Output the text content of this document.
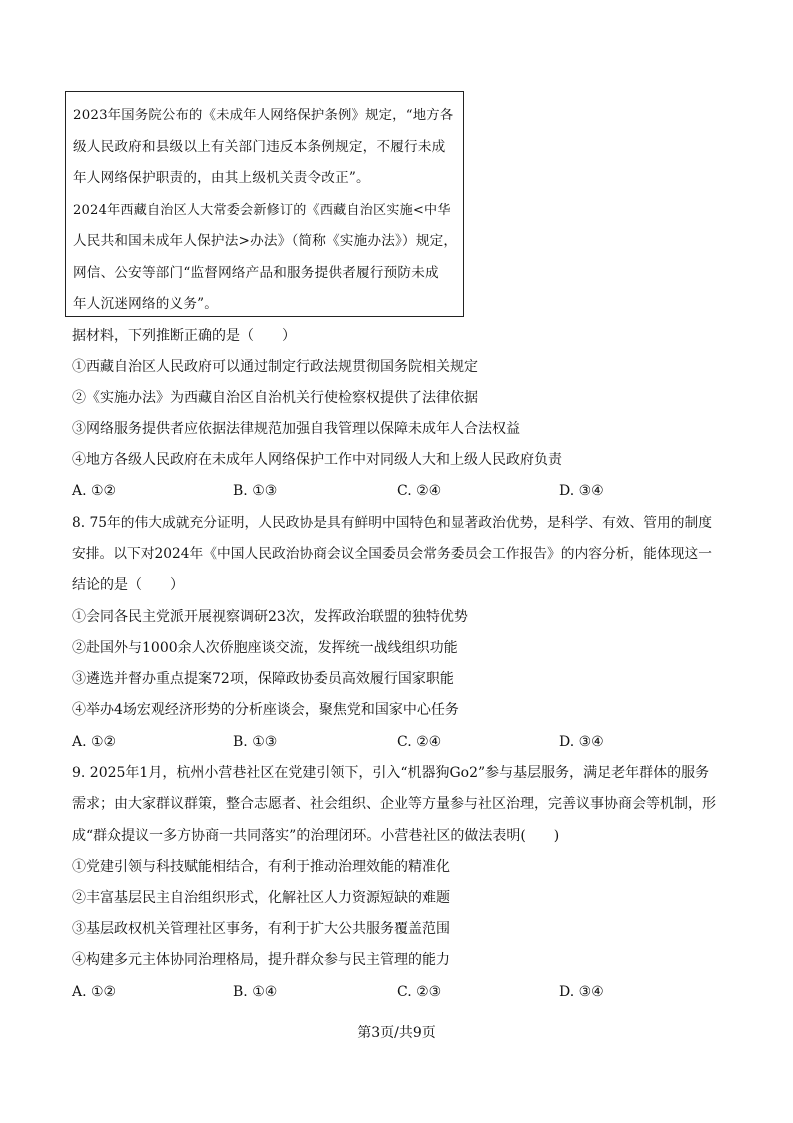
2023年国务院公布的《未成年人网络保护条例》规定，“地方各

级人民政府和县级以上有关部门违反本条例规定，不履行未成

年人网络保护职责的，由其上级机关责令改正”。

2024年西藏自治区人大常委会新修订的《西藏自治区实施<中华

人民共和国未成年人保护法>办法》（简称《实施办法》）规定，

网信、公安等部门“监督网络产品和服务提供者履行预防未成

年人沉迷网络的义务”。

据材料，下列推断正确的是（　　）

①西藏自治区人民政府可以通过制定行政法规贯彻国务院相关规定

②《实施办法》为西藏自治区自治机关行使检察权提供了法律依据

③网络服务提供者应依据法律规范加强自我管理以保障未成年人合法权益

④地方各级人民政府在未成年人网络保护工作中对同级人大和上级人民政府负责

A. ①②	B. ①③	C. ②④	D. ③④

8. 75年的伟大成就充分证明，人民政协是具有鲜明中国特色和显著政治优势，是科学、有效、管用的制度

安排。以下对2024年《中国人民政治协商会议全国委员会常务委员会工作报告》的内容分析，能体现这一

结论的是（　　）

①会同各民主党派开展视察调研23次，发挥政治联盟的独特优势

②赴国外与1000余人次侨胞座谈交流，发挥统一战线组织功能

③遴选并督办重点提案72项，保障政协委员高效履行国家职能

④举办4场宏观经济形势的分析座谈会，聚焦党和国家中心任务

A. ①②	B. ①③	C. ②④	D. ③④

9. 2025年1月，杭州小营巷社区在党建引领下，引入“机器狗Go2”参与基层服务，满足老年群体的服务

需求；由大家群议群策，整合志愿者、社会组织、企业等方量参与社区治理，完善议事协商会等机制，形

成“群众提议一多方协商一共同落实”的治理闭环。小营巷社区的做法表明(　　)

①党建引领与科技赋能相结合，有利于推动治理效能的精准化

②丰富基层民主自治组织形式，化解社区人力资源短缺的难题

③基层政权机关管理社区事务，有利于扩大公共服务覆盖范围

④构建多元主体协同治理格局，提升群众参与民主管理的能力

A. ①②	B. ①④	C. ②③	D. ③④
第3页/共9页
